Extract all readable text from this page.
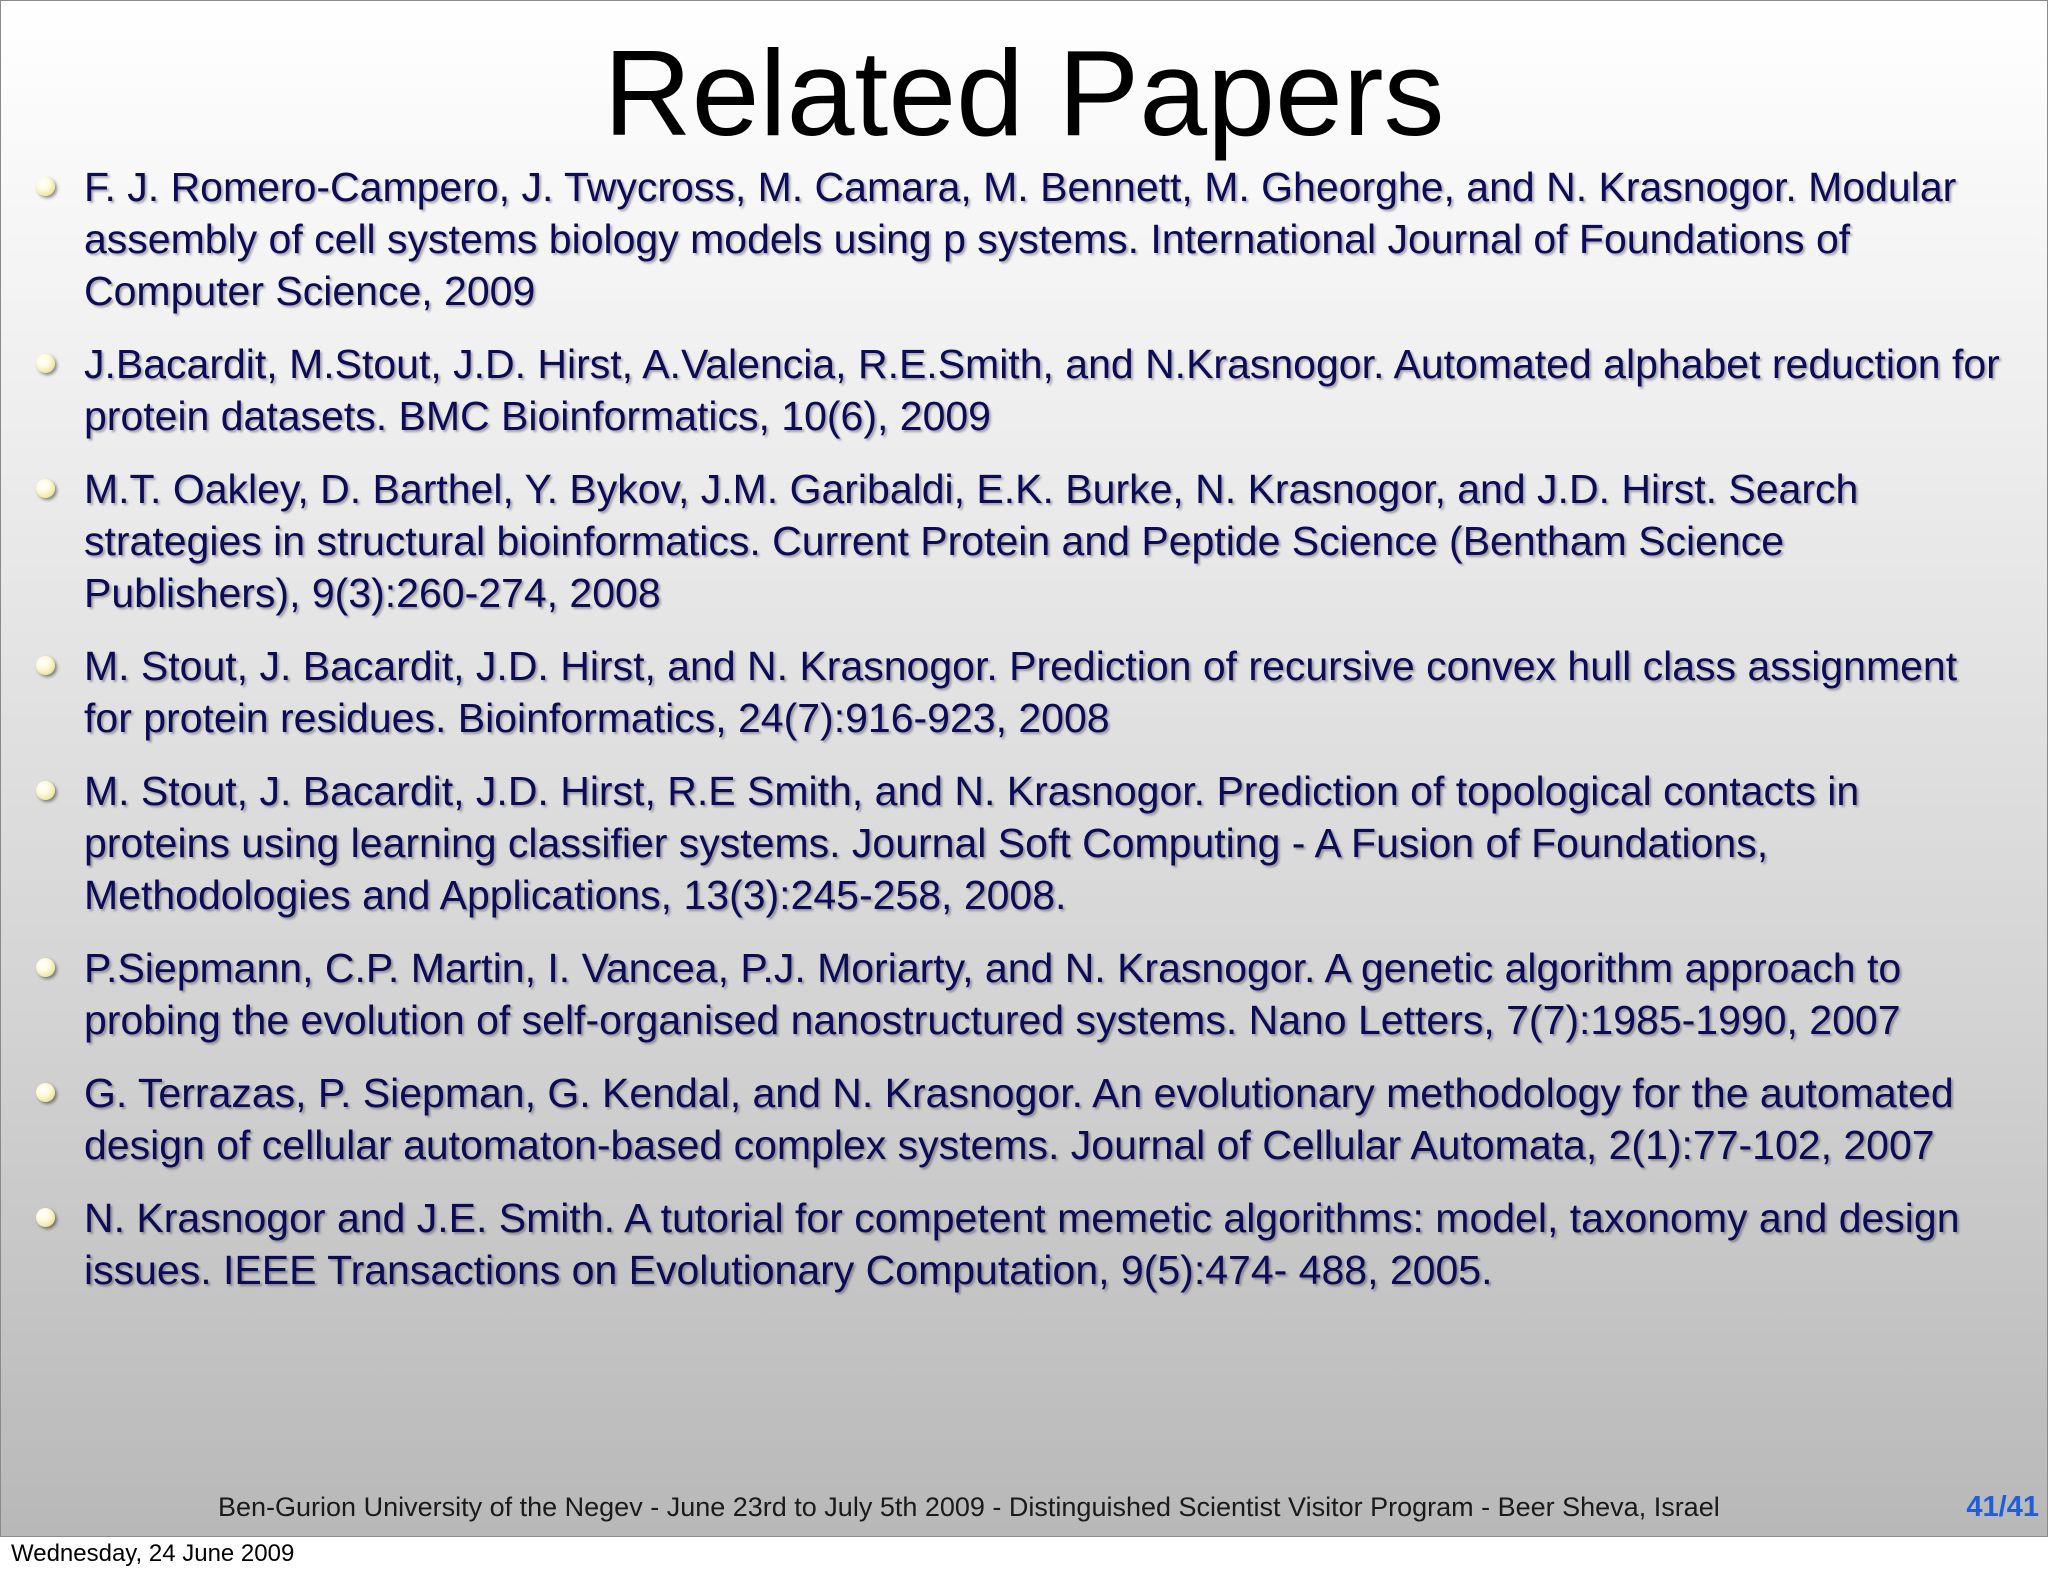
Related Papers
F. J. Romero-Campero, J. Twycross, M. Camara, M. Bennett, M. Gheorghe, and N. Krasnogor. Modular assembly of cell systems biology models using p systems. International Journal of Foundations of Computer Science, 2009
J.Bacardit, M.Stout, J.D. Hirst, A.Valencia, R.E.Smith, and N.Krasnogor. Automated alphabet reduction for protein datasets. BMC Bioinformatics, 10(6), 2009
M.T. Oakley, D. Barthel, Y. Bykov, J.M. Garibaldi, E.K. Burke, N. Krasnogor, and J.D. Hirst. Search strategies in structural bioinformatics. Current Protein and Peptide Science (Bentham Science Publishers), 9(3):260-274, 2008
M. Stout, J. Bacardit, J.D. Hirst, and N. Krasnogor. Prediction of recursive convex hull class assignment for protein residues. Bioinformatics, 24(7):916-923, 2008
M. Stout, J. Bacardit, J.D. Hirst, R.E Smith, and N. Krasnogor. Prediction of topological contacts in proteins using learning classifier systems. Journal Soft Computing - A Fusion of Foundations, Methodologies and Applications, 13(3):245-258, 2008.
P.Siepmann, C.P. Martin, I. Vancea, P.J. Moriarty, and N. Krasnogor. A genetic algorithm approach to probing the evolution of self-organised nanostructured systems. Nano Letters, 7(7):1985-1990, 2007
G. Terrazas, P. Siepman, G. Kendal, and N. Krasnogor. An evolutionary methodology for the automated design of cellular automaton-based complex systems. Journal of Cellular Automata, 2(1):77-102, 2007
N. Krasnogor and J.E. Smith. A tutorial for competent memetic algorithms: model, taxonomy and design issues. IEEE Transactions on Evolutionary Computation, 9(5):474- 488, 2005.
Ben-Gurion University of the Negev - June 23rd to July 5th 2009 - Distinguished Scientist Visitor Program - Beer Sheva, Israel	41/41
Wednesday, 24 June 2009
